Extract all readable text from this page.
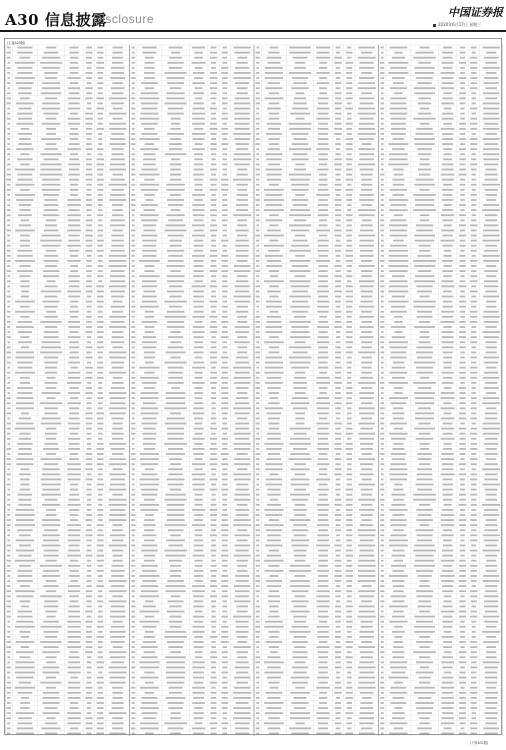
A30 信息披露
Disclosure	中国证券报
2020年6月17日 星期三
(上接A29版)
(下转A31版)
